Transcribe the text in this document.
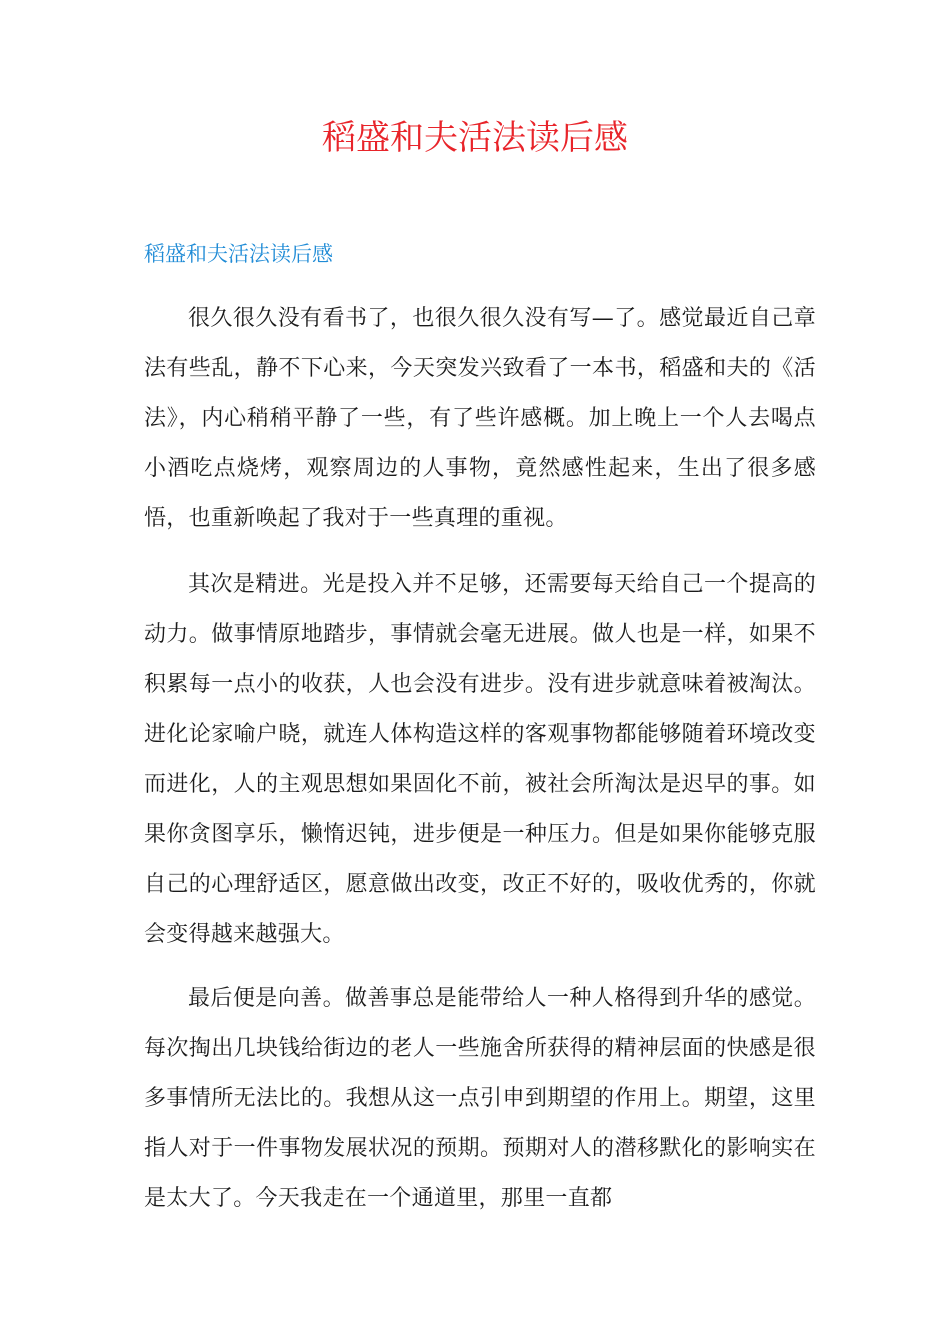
稻盛和夫活法读后感
稻盛和夫活法读后感

很久很久没有看书了，也很久很久没有写—了。感觉最近自己章法有些乱，静不下心来，今天突发兴致看了一本书，稻盛和夫的《活法》，内心稍稍平静了一些，有了些许感概。加上晚上一个人去喝点小酒吃点烧烤，观察周边的人事物，竟然感性起来，生出了很多感悟，也重新唤起了我对于一些真理的重视。

其次是精进。光是投入并不足够，还需要每天给自己一个提高的动力。做事情原地踏步，事情就会毫无进展。做人也是一样，如果不积累每一点小的收获，人也会没有进步。没有进步就意味着被淘汰。进化论家喻户晓，就连人体构造这样的客观事物都能够随着环境改变而进化，人的主观思想如果固化不前，被社会所淘汰是迟早的事。如果你贪图享乐，懒惰迟钝，进步便是一种压力。但是如果你能够克服自己的心理舒适区，愿意做出改变，改正不好的，吸收优秀的，你就会变得越来越强大。

最后便是向善。做善事总是能带给人一种人格得到升华的感觉。每次掏出几块钱给街边的老人一些施舍所获得的精神层面的快感是很多事情所无法比的。我想从这一点引申到期望的作用上。期望，这里指人对于一件事物发展状况的预期。预期对人的潜移默化的影响实在是太大了。今天我走在一个通道里，那里一直都
